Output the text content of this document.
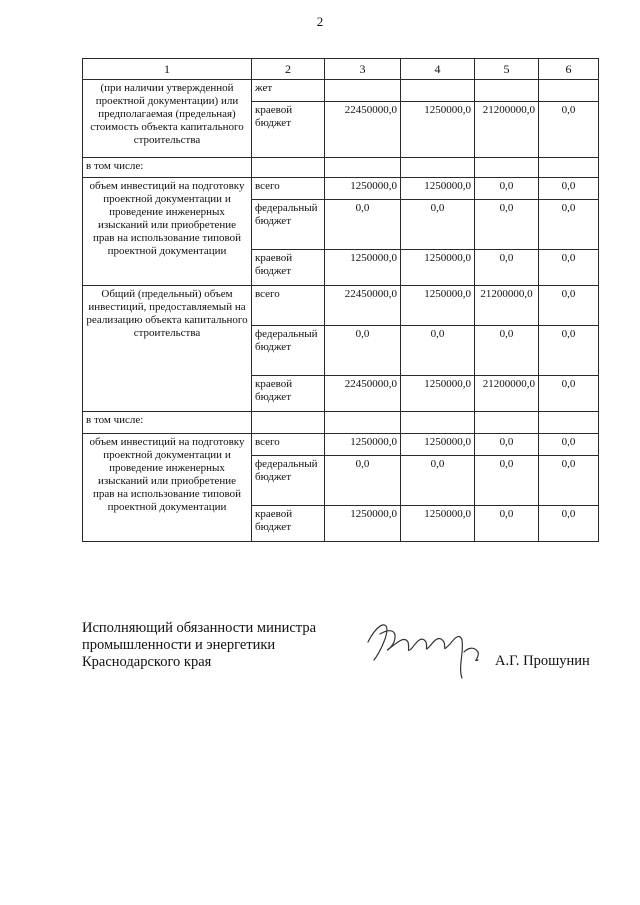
2
1	2	3	4	5	6
(при наличии утвержденной проектной документации) или предполагаемая (предельная) стоимость объекта капитального строительства	жет				
	краевой бюджет	22450000,0	1250000,0	21200000,0	0,0
в том числе:					
объем инвестиций на подготовку проектной документации и проведение инженерных изысканий или приобретение прав на использование типовой проектной документации	всего	1250000,0	1250000,0	0,0	0,0
	федеральный бюджет	0,0	0,0	0,0	0,0
	краевой бюджет	1250000,0	1250000,0	0,0	0,0
Общий (предельный) объем инвестиций, предоставляемый на реализацию объекта капитального строительства	всего	22450000,0	1250000,0	21200000,0	0,0
	федеральный бюджет	0,0	0,0	0,0	0,0
	краевой бюджет	22450000,0	1250000,0	21200000,0	0,0
в том числе:					
объем инвестиций на подготовку проектной документации и проведение инженерных изысканий или приобретение прав на использование типовой проектной документации	всего	1250000,0	1250000,0	0,0	0,0
	федеральный бюджет	0,0	0,0	0,0	0,0
	краевой бюджет	1250000,0	1250000,0	0,0	0,0
Исполняющий обязанности министра
промышленности и энергетики
Краснодарского края	А.Г. Прошунин
